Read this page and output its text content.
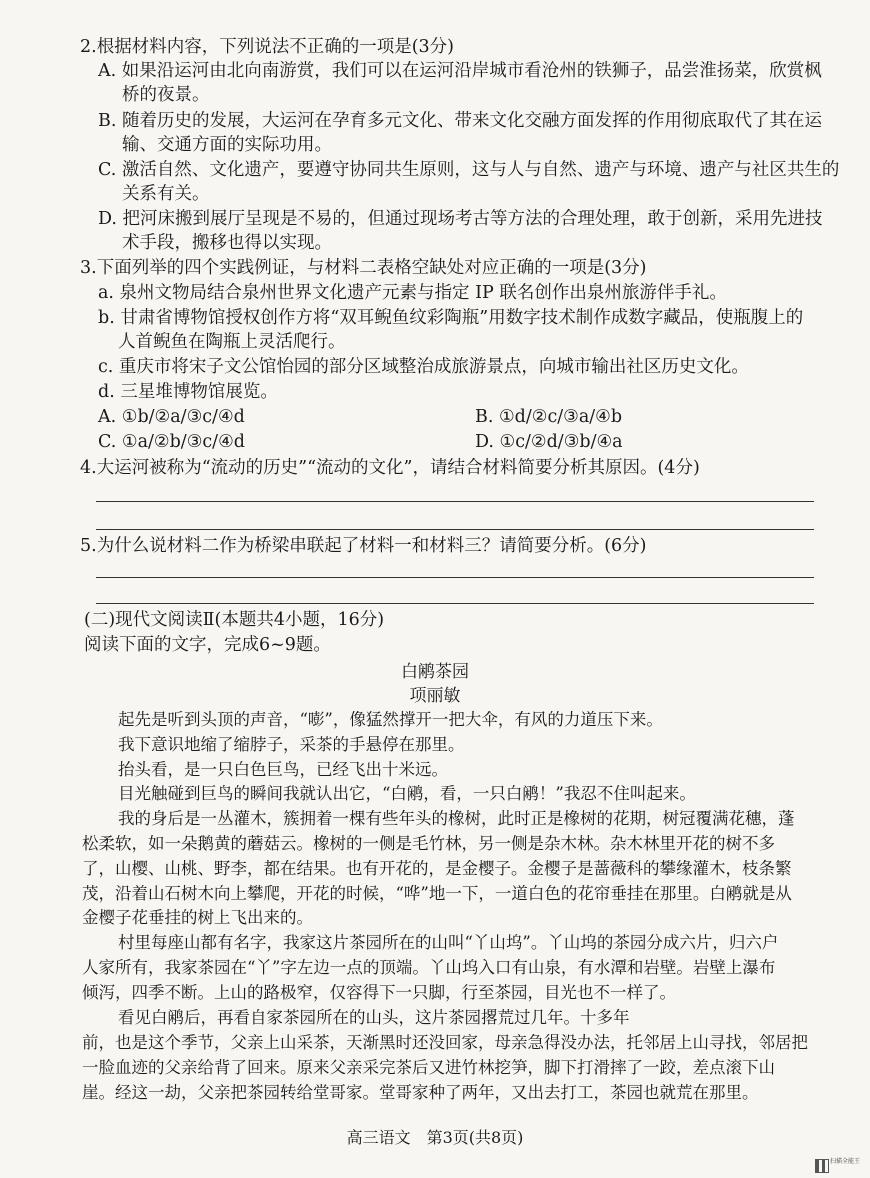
2.根据材料内容，下列说法不正确的一项是(3分)
A. 如果沿运河由北向南游赏，我们可以在运河沿岸城市看沧州的铁狮子，品尝淮扬菜，欣赏枫
桥的夜景。
B. 随着历史的发展，大运河在孕育多元文化、带来文化交融方面发挥的作用彻底取代了其在运
输、交通方面的实际功用。
C. 激活自然、文化遗产，要遵守协同共生原则，这与人与自然、遗产与环境、遗产与社区共生的
关系有关。
D. 把河床搬到展厅呈现是不易的，但通过现场考古等方法的合理处理，敢于创新，采用先进技
术手段，搬移也得以实现。
3.下面列举的四个实践例证，与材料二表格空缺处对应正确的一项是(3分)
a. 泉州文物局结合泉州世界文化遗产元素与指定 IP 联名创作出泉州旅游伴手礼。
b. 甘肃省博物馆授权创作方将“双耳鲵鱼纹彩陶瓶”用数字技术制作成数字藏品，使瓶腹上的
人首鲵鱼在陶瓶上灵活爬行。
c. 重庆市将宋子文公馆怡园的部分区域整治成旅游景点，向城市输出社区历史文化。
d. 三星堆博物馆展览。
A. ①b/②a/③c/④d	B. ①d/②c/③a/④b
C. ①a/②b/③c/④d	D. ①c/②d/③b/④a
4.大运河被称为“流动的历史”“流动的文化”，请结合材料简要分析其原因。(4分)
5.为什么说材料二作为桥梁串联起了材料一和材料三？请简要分析。(6分)
(二)现代文阅读Ⅱ(本题共4小题，16分)
阅读下面的文字，完成6~9题。
白鹇茶园
项丽敏
起先是听到头顶的声音，“嘭”，像猛然撑开一把大伞，有风的力道压下来。
我下意识地缩了缩脖子，采茶的手悬停在那里。
抬头看，是一只白色巨鸟，已经飞出十米远。
目光触碰到巨鸟的瞬间我就认出它，“白鹇，看，一只白鹇！”我忍不住叫起来。
我的身后是一丛灌木，簇拥着一棵有些年头的橡树，此时正是橡树的花期，树冠覆满花穗，蓬
松柔软，如一朵鹅黄的蘑菇云。橡树的一侧是毛竹林，另一侧是杂木林。杂木林里开花的树不多
了，山樱、山桃、野李，都在结果。也有开花的，是金樱子。金樱子是蔷薇科的攀缘灌木，枝条繁
茂，沿着山石树木向上攀爬，开花的时候，“哗”地一下，一道白色的花帘垂挂在那里。白鹇就是从
金樱子花垂挂的树上飞出来的。
村里每座山都有名字，我家这片茶园所在的山叫“丫山坞”。丫山坞的茶园分成六片，归六户
人家所有，我家茶园在“丫”字左边一点的顶端。丫山坞入口有山泉，有水潭和岩壁。岩壁上瀑布
倾泻，四季不断。上山的路极窄，仅容得下一只脚，行至茶园，目光也不一样了。
看见白鹇后，再看自家茶园所在的山头，这片茶园撂荒过几年。十多年
前，也是这个季节，父亲上山采茶，天渐黑时还没回家，母亲急得没办法，托邻居上山寻找，邻居把
一脸血迹的父亲给背了回来。原来父亲采完茶后又进竹林挖笋，脚下打滑摔了一跤，差点滚下山
崖。经这一劫，父亲把茶园转给堂哥家。堂哥家种了两年，又出去打工，茶园也就荒在那里。
高三语文　第3页(共8页)
扫描全能王
